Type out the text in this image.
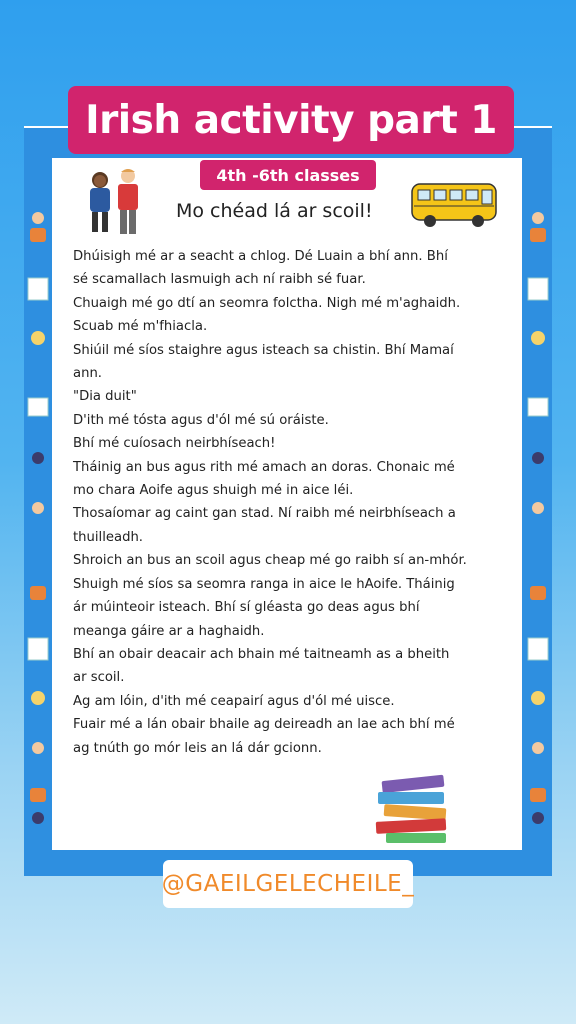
Irish activity part 1
4th -6th classes
Mo chéad lá ar scoil!

Dhúisigh mé ar a seacht a chlog. Dé Luain a bhí ann. Bhí

sé scamallach lasmuigh ach ní raibh sé fuar.

Chuaigh mé go dtí an seomra folctha. Nigh mé m'aghaidh.

Scuab mé m'fhiacla.

Shiúil mé síos staighre agus isteach sa chistin. Bhí Mamaí

ann.

"Dia duit"

D'ith mé tósta agus d'ól mé sú oráiste.

Bhí mé cuíosach neirbhíseach!

Tháinig an bus agus rith mé amach an doras. Chonaic mé

mo chara Aoife agus shuigh mé in aice léi.

Thosaíomar ag caint gan stad. Ní raibh mé neirbhíseach a

thuilleadh.

Shroich an bus an scoil agus cheap mé go raibh sí an-mhór.

Shuigh mé síos sa seomra ranga in aice le hAoife. Tháinig

ár múinteoir isteach. Bhí sí gléasta go deas agus bhí

meanga gáire ar a haghaidh.

Bhí an obair deacair ach bhain mé taitneamh as a bheith

ar scoil.

Ag am lóin, d'ith mé ceapairí agus d'ól mé uisce.

Fuair mé a lán obair bhaile ag deireadh an lae ach bhí mé

ag tnúth go mór leis an lá dár gcionn.

@GAEILGELECHEILE_
